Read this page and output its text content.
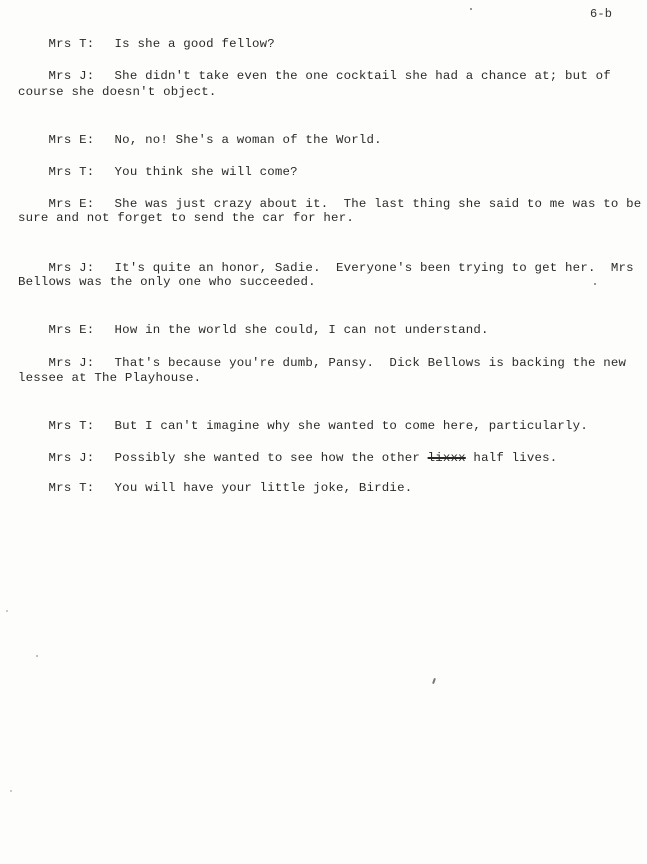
6-b

Mrs T: Is she a good fellow?

Mrs J: She didn't take even the one cocktail she had a chance at; but of

course she doesn't object.

Mrs E: No, no! She's a woman of the World.

Mrs T: You think she will come?

Mrs E: She was just crazy about it.  The last thing she said to me was to be

sure and not forget to send the car for her.

Mrs J: It's quite an honor, Sadie.  Everyone's been trying to get her.  Mrs

Bellows was the only one who succeeded.

Mrs E: How in the world she could, I can not understand.

Mrs J: That's because you're dumb, Pansy.  Dick Bellows is backing the new

lessee at The Playhouse.

Mrs T: But I can't imagine why she wanted to come here, particularly.

Mrs J: Possibly she wanted to see how the other lixxx half lives.

Mrs T: You will have your little joke, Birdie.
